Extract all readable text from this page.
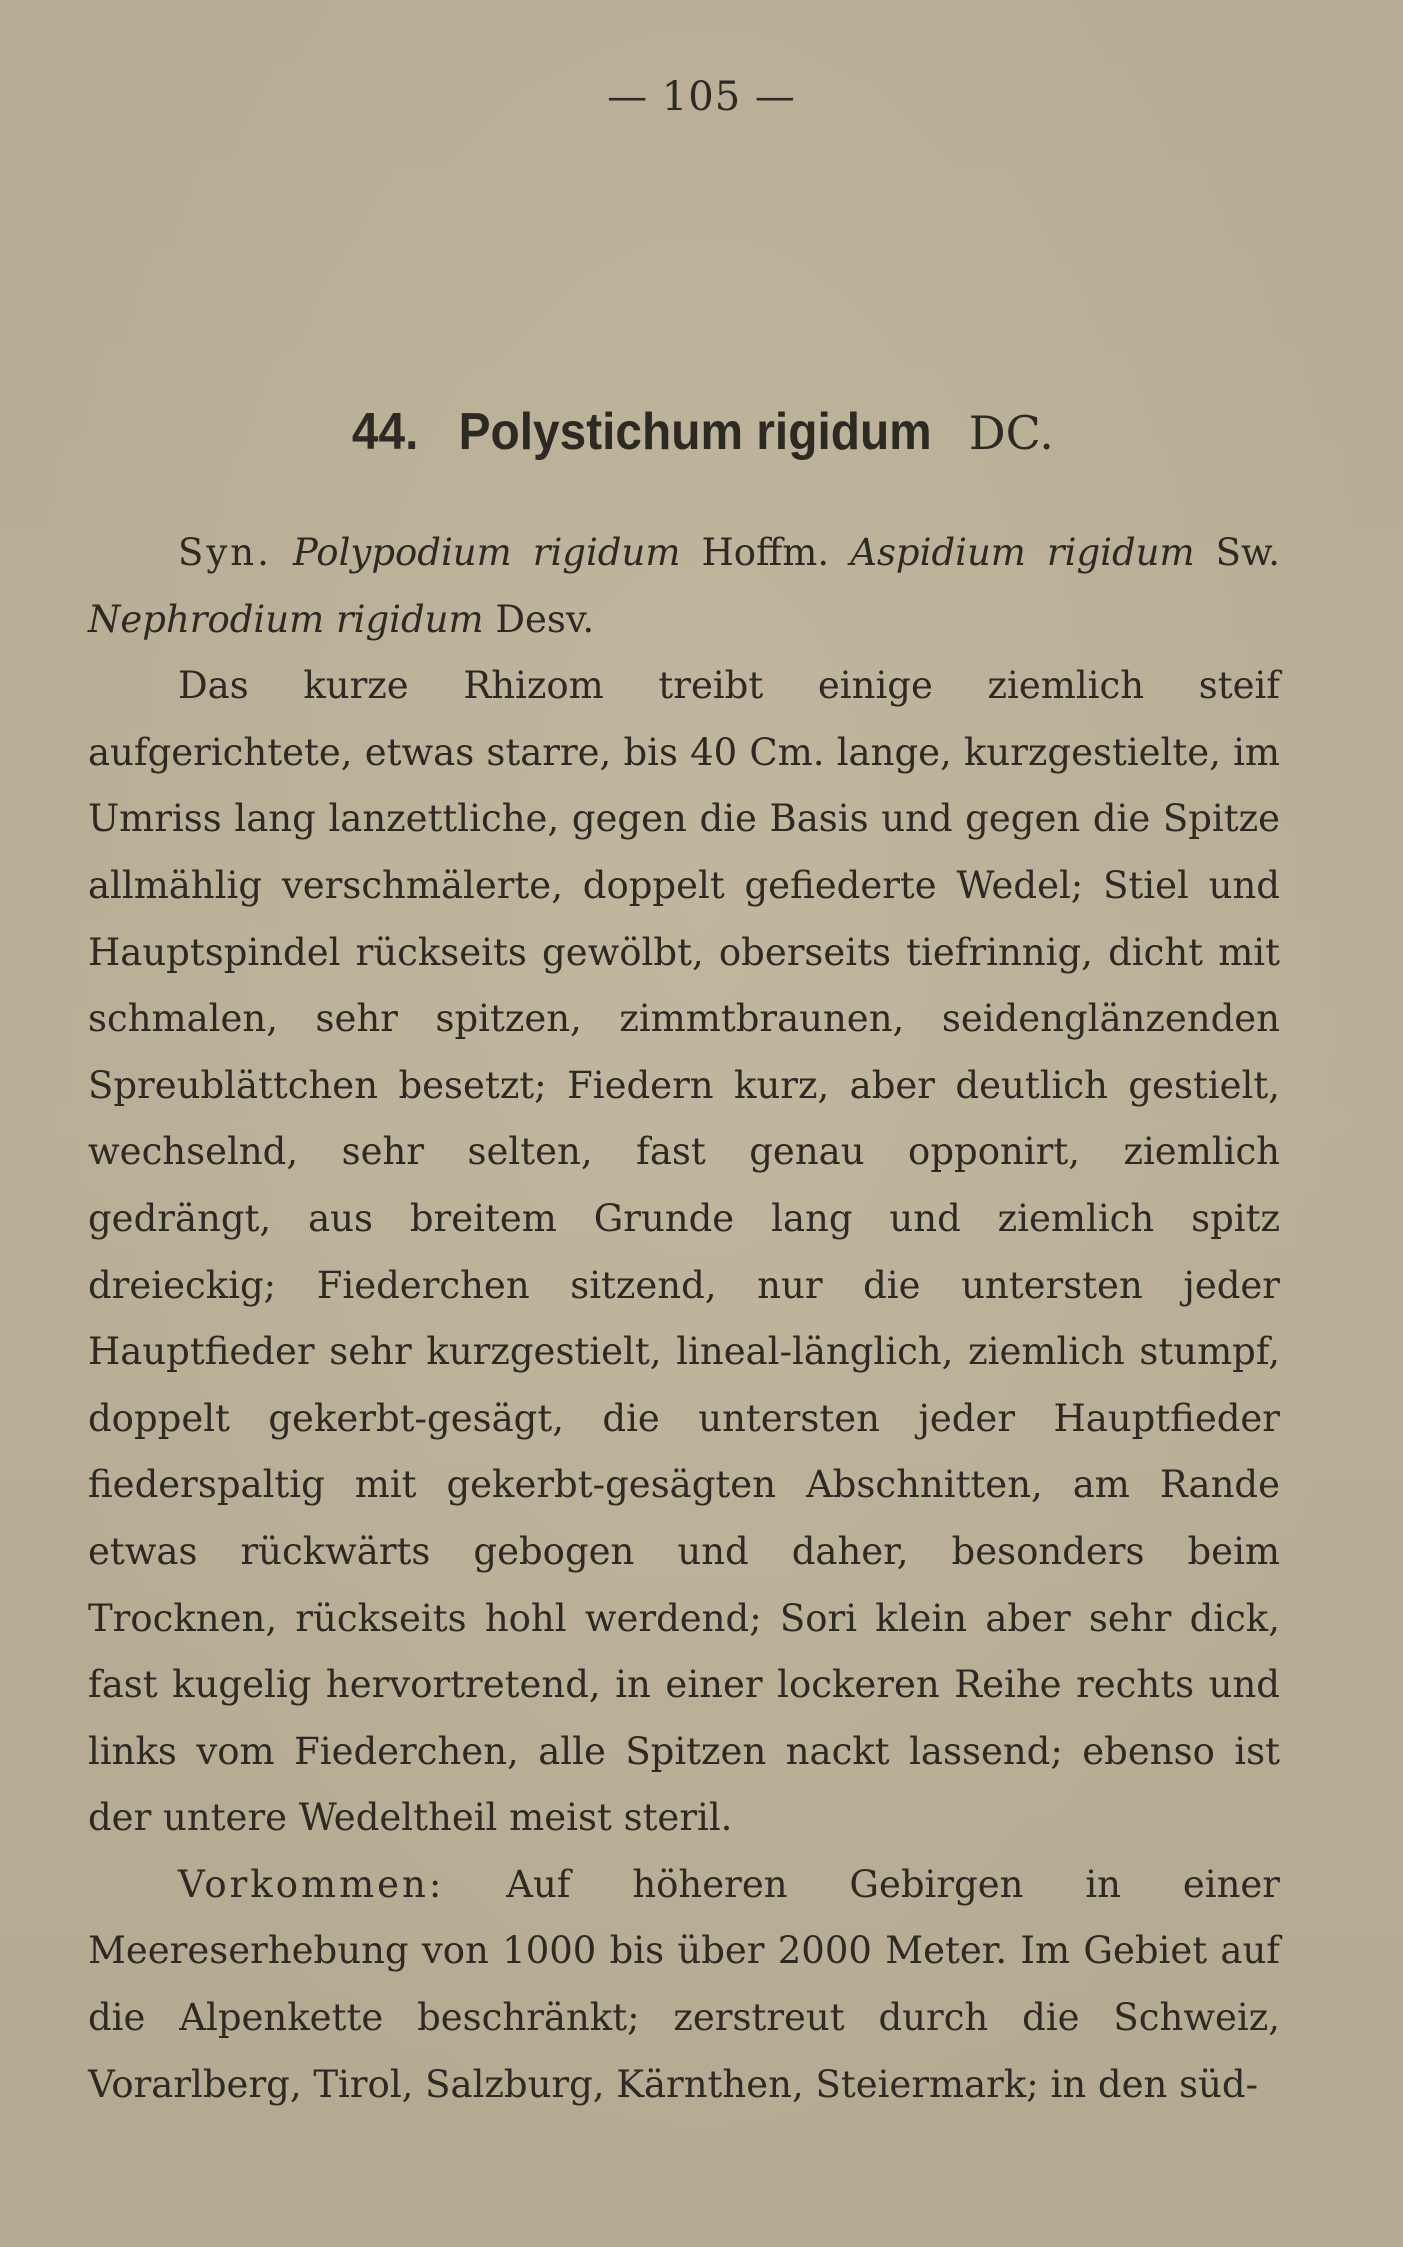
— 105 —
44. Polystichum rigidum DC.

Syn. Polypodium rigidum Hoffm. Aspidium rigidum Sw. Nephrodium rigidum Desv.

Das kurze Rhizom treibt einige ziemlich steif aufgerichtete, etwas starre, bis 40 Cm. lange, kurzgestielte, im Umriss lang lanzettliche, gegen die Basis und gegen die Spitze allmählig verschmälerte, doppelt gefiederte Wedel; Stiel und Hauptspindel rückseits gewölbt, oberseits tiefrinnig, dicht mit schmalen, sehr spitzen, zimmtbraunen, seidenglänzenden Spreublättchen besetzt; Fiedern kurz, aber deutlich gestielt, wechselnd, sehr selten, fast genau opponirt, ziemlich gedrängt, aus breitem Grunde lang und ziemlich spitz dreieckig; Fiederchen sitzend, nur die untersten jeder Hauptfieder sehr kurzgestielt, lineal-länglich, ziemlich stumpf, doppelt gekerbt-gesägt, die untersten jeder Hauptfieder fiederspaltig mit gekerbt-gesägten Abschnitten, am Rande etwas rückwärts gebogen und daher, besonders beim Trocknen, rückseits hohl werdend; Sori klein aber sehr dick, fast kugelig hervortretend, in einer lockeren Reihe rechts und links vom Fiederchen, alle Spitzen nackt lassend; ebenso ist der untere Wedeltheil meist steril.

Vorkommen: Auf höheren Gebirgen in einer Meereserhebung von 1000 bis über 2000 Meter. Im Gebiet auf die Alpenkette beschränkt; zerstreut durch die Schweiz, Vorarlberg, Tirol, Salzburg, Kärnthen, Steiermark; in den süd-
